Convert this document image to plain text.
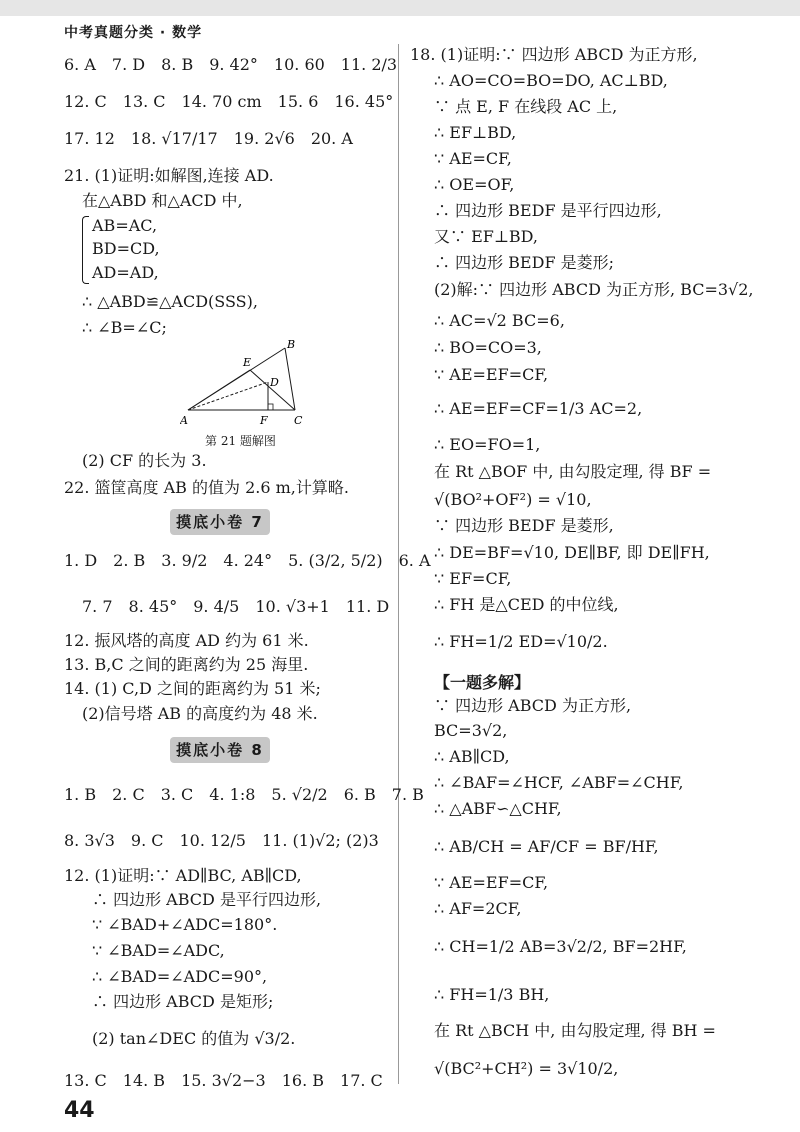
中考真题分类 · 数学
6. A　7. D　8. B　9. 42°　10. 60　11. 2/3
12. C　13. C　14. 70 cm　15. 6　16. 45°
17. 12　18. √17/17　19. 2√6　20. A
21. (1)证明:如解图,连接 AD.
在△ABD 和△ACD 中,
AB=AC,
BD=CD,
AD=AD,
∴ △ABD≌△ACD(SSS),
∴ ∠B=∠C;
A
B
C
D
E
F
第 21 题解图
(2) CF 的长为 3.
22. 篮筐高度 AB 的值为 2.6 m,计算略.
摸底小卷 7
1. D　2. B　3. 9/2　4. 24°　5. (3/2, 5/2)　6. A
7. 7　8. 45°　9. 4/5　10. √3+1　11. D
12. 振风塔的高度 AD 约为 61 米.
13. B,C 之间的距离约为 25 海里.
14. (1) C,D 之间的距离约为 51 米;
(2)信号塔 AB 的高度约为 48 米.
摸底小卷 8
1. B　2. C　3. C　4. 1:8　5. √2/2　6. B　7. B
8. 3√3　9. C　10. 12/5　11. (1)√2; (2)3
12. (1)证明:∵ AD∥BC, AB∥CD,
∴ 四边形 ABCD 是平行四边形,
∵ ∠BAD+∠ADC=180°.
∵ ∠BAD=∠ADC,
∴ ∠BAD=∠ADC=90°,
∴ 四边形 ABCD 是矩形;
(2) tan∠DEC 的值为 √3/2.
13. C　14. B　15. 3√2−3　16. B　17. C
44
18. (1)证明:∵ 四边形 ABCD 为正方形,
∴ AO=CO=BO=DO, AC⊥BD,
∵ 点 E, F 在线段 AC 上,
∴ EF⊥BD,
∵ AE=CF,
∴ OE=OF,
∴ 四边形 BEDF 是平行四边形,
又∵ EF⊥BD,
∴ 四边形 BEDF 是菱形;
(2)解:∵ 四边形 ABCD 为正方形, BC=3√2,
∴ AC=√2 BC=6,
∴ BO=CO=3,
∵ AE=EF=CF,
∴ AE=EF=CF=1/3 AC=2,
∴ EO=FO=1,
在 Rt △BOF 中, 由勾股定理, 得 BF =
√(BO²+OF²) = √10,
∵ 四边形 BEDF 是菱形,
∴ DE=BF=√10, DE∥BF, 即 DE∥FH,
∵ EF=CF,
∴ FH 是△CED 的中位线,
∴ FH=1/2 ED=√10/2.
【一题多解】
∵ 四边形 ABCD 为正方形,
BC=3√2,
∴ AB∥CD,
∴ ∠BAF=∠HCF, ∠ABF=∠CHF,
∴ △ABF∽△CHF,
∴ AB/CH = AF/CF = BF/HF,
∵ AE=EF=CF,
∴ AF=2CF,
∴ CH=1/2 AB=3√2/2, BF=2HF,
∴ FH=1/3 BH,
在 Rt △BCH 中, 由勾股定理, 得 BH =
√(BC²+CH²) = 3√10/2,
